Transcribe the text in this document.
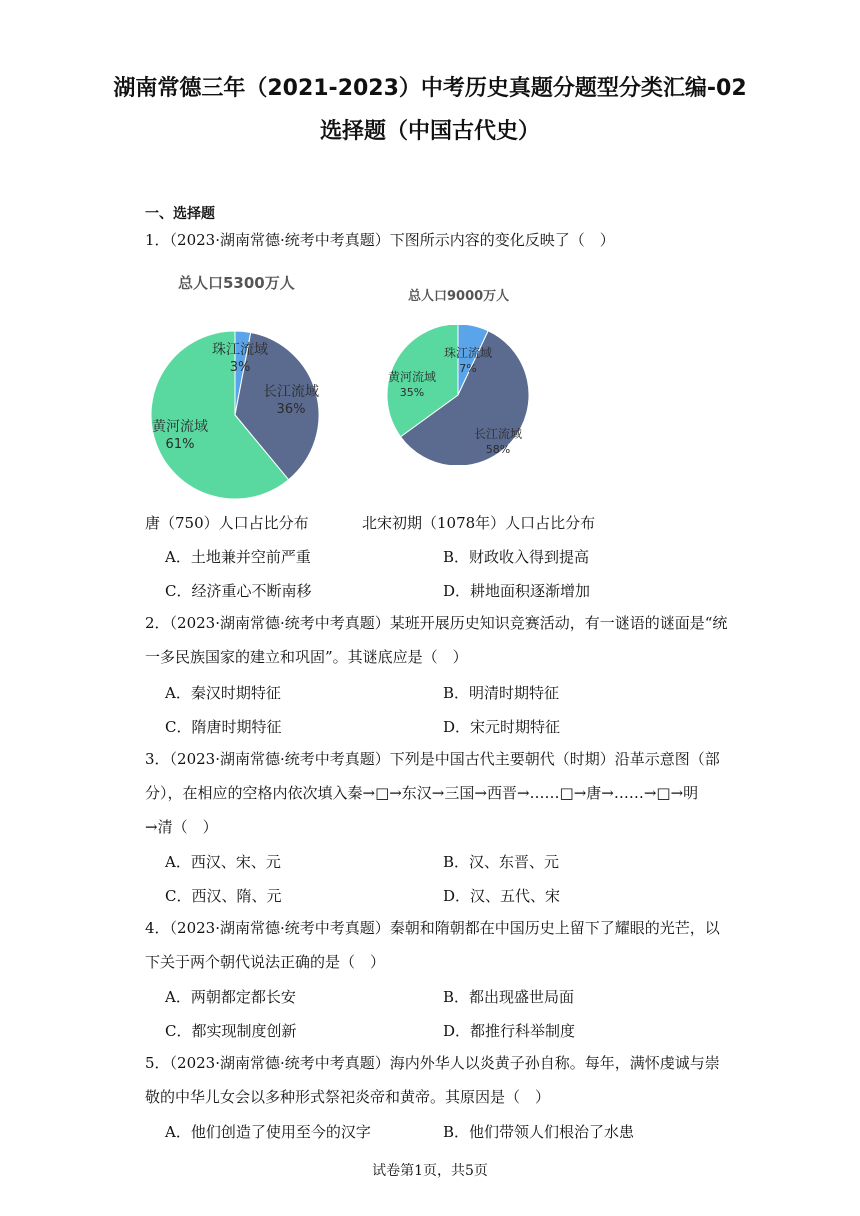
湖南常德三年（2021-2023）中考历史真题分题型分类汇编-02
选择题（中国古代史）
一、选择题
1．（2023·湖南常德·统考中考真题）下图所示内容的变化反映了（　）
总人口5300万人
总人口9000万人
珠江流域
3%
长江流域
36%
黄河流域
61%
珠江流域
7%
长江流域
58%
黄河流域
35%
唐（750）人口占比分布	北宋初期（1078年）人口占比分布
A．土地兼并空前严重	B．财政收入得到提高
C．经济重心不断南移	D．耕地面积逐渐增加
2．（2023·湖南常德·统考中考真题）某班开展历史知识竞赛活动，有一谜语的谜面是“统
一多民族国家的建立和巩固”。其谜底应是（　）
A．秦汉时期特征	B．明清时期特征
C．隋唐时期特征	D．宋元时期特征
3．（2023·湖南常德·统考中考真题）下列是中国古代主要朝代（时期）沿革示意图（部
分），在相应的空格内依次填入秦→□→东汉→三国→西晋→……□→唐→……→□→明
→清（　）
A．西汉、宋、元	B．汉、东晋、元
C．西汉、隋、元	D．汉、五代、宋
4．（2023·湖南常德·统考中考真题）秦朝和隋朝都在中国历史上留下了耀眼的光芒，以
下关于两个朝代说法正确的是（　）
A．两朝都定都长安	B．都出现盛世局面
C．都实现制度创新	D．都推行科举制度
5．（2023·湖南常德·统考中考真题）海内外华人以炎黄子孙自称。每年，满怀虔诚与崇
敬的中华儿女会以多种形式祭祀炎帝和黄帝。其原因是（　）
A．他们创造了使用至今的汉字	B．他们带领人们根治了水患
试卷第1页，共5页
